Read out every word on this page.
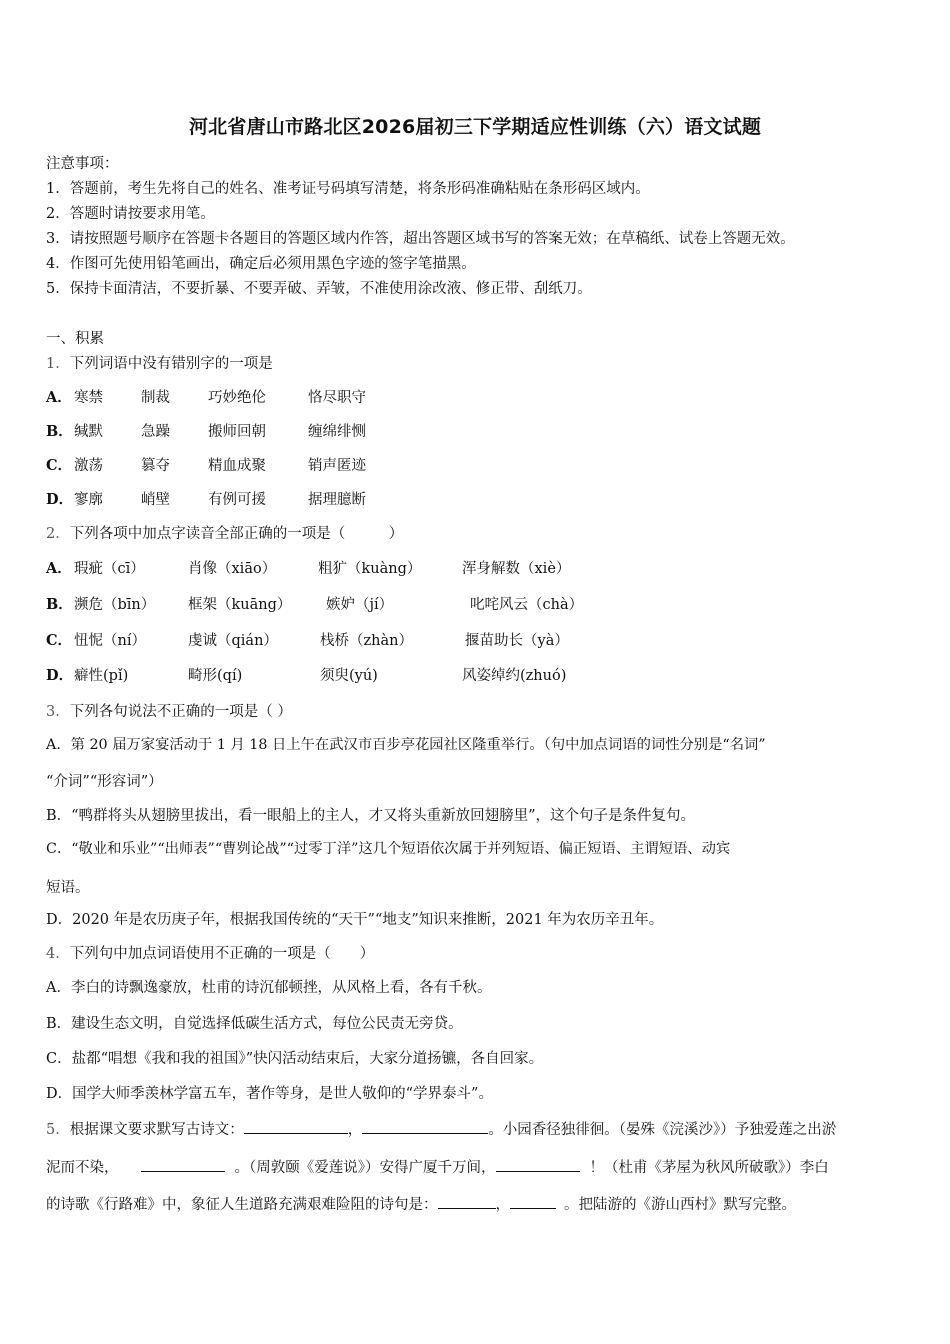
河北省唐山市路北区2026届初三下学期适应性训练（六）语文试题
注意事项：
1．答题前，考生先将自己的姓名、准考证号码填写清楚，将条形码准确粘贴在条形码区域内。
2．答题时请按要求用笔。
3．请按照题号顺序在答题卡各题目的答题区域内作答，超出答题区域书写的答案无效；在草稿纸、试卷上答题无效。
4．作图可先使用铅笔画出，确定后必须用黑色字迹的签字笔描黑。
5．保持卡面清洁，不要折暴、不要弄破、弄皱，不准使用涂改液、修正带、刮纸刀。
一、积累
1．下列词语中没有错别字的一项是
A． 寒禁	制裁	巧妙绝伦	恪尽职守
B． 缄默	急躁	搬师回朝	缠绵绯恻
C． 激荡	篡夺	精血成聚	销声匿迹
D． 寥廓	峭壁	有例可援	据理臆断
2．下列各项中加点字读音全部正确的一项是（　　　）
A． 瑕疵（cī）	肖像（xiāo）	粗犷（kuàng）	浑身解数（xiè）
B． 濒危（bīn） 框架（kuāng） 嫉妒（jí）	叱咤风云（chà）
C． 忸怩（ní）	虔诚（qián）	栈桥（zhàn）	揠苗助长（yà）
D． 癖性(pǐ)	畸形(qí)	须臾(yú)	风姿绰约(zhuó)
3．下列各句说法不正确的一项是（ ）
A．第 20 届万家宴活动于 1 月 18 日上午在武汉市百步亭花园社区隆重举行。（句中加点词语的词性分别是“名词”
“介词”“形容词”）
B．“鸭群将头从翅膀里拔出，看一眼船上的主人，才又将头重新放回翅膀里”，这个句子是条件复句。
C．“敬业和乐业”“出师表”“曹刿论战”“过零丁洋”这几个短语依次属于并列短语、偏正短语、主谓短语、动宾
短语。
D．2020 年是农历庚子年，根据我国传统的“天干”“地支”知识来推断，2021 年为农历辛丑年。
4．下列句中加点词语使用不正确的一项是（　　）
A．李白的诗飘逸豪放，杜甫的诗沉郁顿挫，从风格上看，各有千秋。
B．建设生态文明，自觉选择低碳生活方式，每位公民责无旁贷。
C．盐都“唱想《我和我的祖国》”快闪活动结束后，大家分道扬镳，各自回家。
D．国学大师季羡林学富五车，著作等身，是世人敬仰的“学界泰斗”。
5．根据课文要求默写古诗文：	，	。小园香径独徘徊。（晏殊《浣溪沙》）予独爱莲之出淤
泥而不染，	。（周敦颐《爱莲说》）安得广厦千万间，	！（杜甫《茅屋为秋风所破歌》）李白
的诗歌《行路难》中，象征人生道路充满艰难险阻的诗句是：	，	。把陆游的《游山西村》默写完整。
